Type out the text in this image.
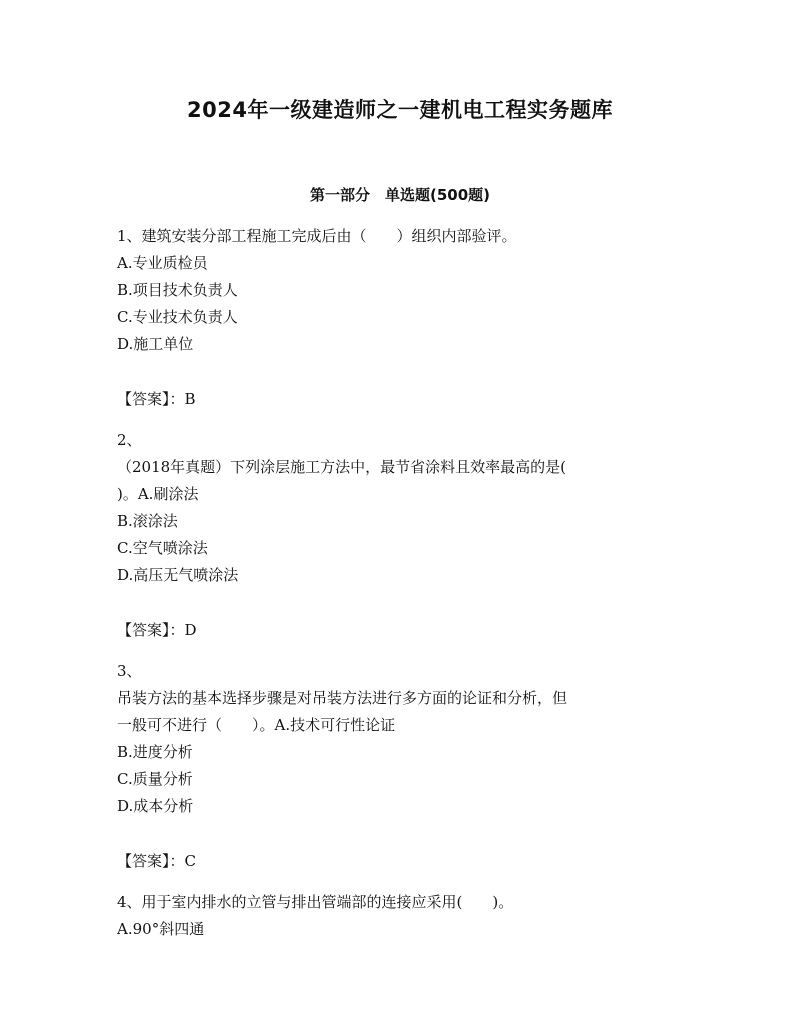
2024年一级建造师之一建机电工程实务题库
第一部分　单选题(500题)
1、建筑安装分部工程施工完成后由（　　）组织内部验评。
A.专业质检员
B.项目技术负责人
C.专业技术负责人
D.施工单位
【答案】：B
2、
（2018年真题）下列涂层施工方法中，最节省涂料且效率最高的是(
)。A.刷涂法
B.滚涂法
C.空气喷涂法
D.高压无气喷涂法
【答案】：D
3、
吊装方法的基本选择步骤是对吊装方法进行多方面的论证和分析，但
一般可不进行（　　）。A.技术可行性论证
B.进度分析
C.质量分析
D.成本分析
【答案】：C
4、用于室内排水的立管与排出管端部的连接应采用(　　)。
A.90°斜四通
